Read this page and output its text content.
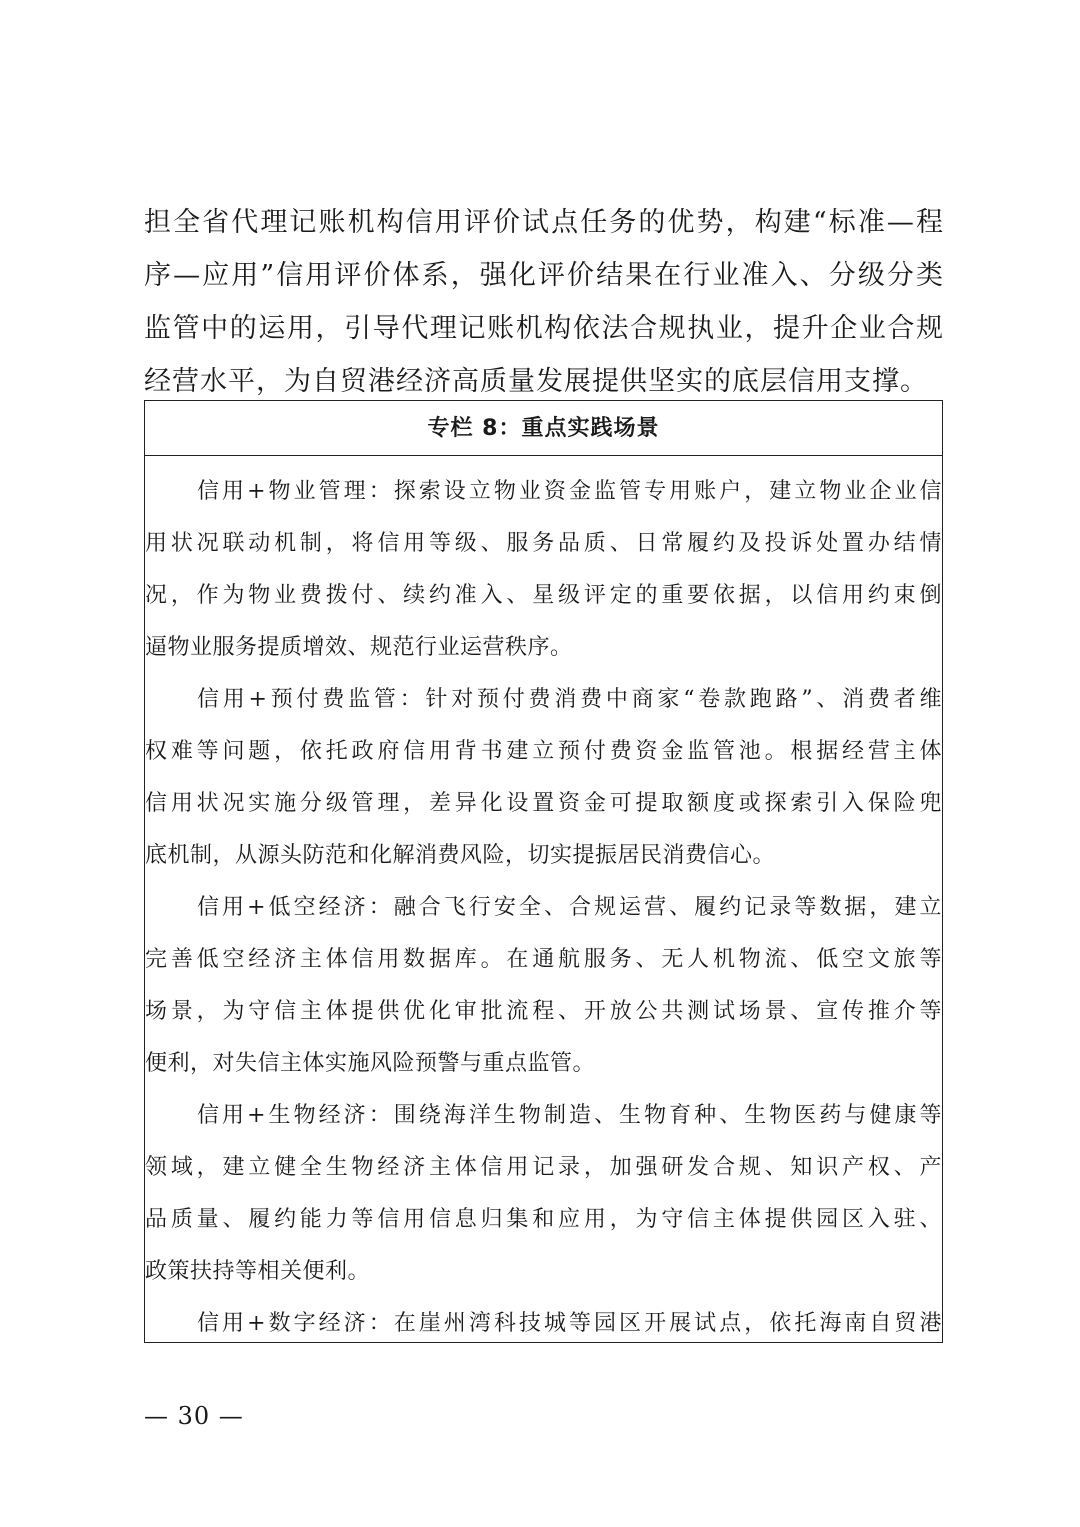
担全省代理记账机构信用评价试点任务的优势，构建“标准—程
序—应用”信用评价体系，强化评价结果在行业准入、分级分类
监管中的运用，引导代理记账机构依法合规执业，提升企业合规
经营水平，为自贸港经济高质量发展提供坚实的底层信用支撑。
专栏 8：重点实践场景
信用+物业管理：探索设立物业资金监管专用账户，建立物业企业信
用状况联动机制，将信用等级、服务品质、日常履约及投诉处置办结情
况，作为物业费拨付、续约准入、星级评定的重要依据，以信用约束倒
逼物业服务提质增效、规范行业运营秩序。
信用+预付费监管：针对预付费消费中商家“卷款跑路”、消费者维
权难等问题，依托政府信用背书建立预付费资金监管池。根据经营主体
信用状况实施分级管理，差异化设置资金可提取额度或探索引入保险兜
底机制，从源头防范和化解消费风险，切实提振居民消费信心。
信用+低空经济：融合飞行安全、合规运营、履约记录等数据，建立
完善低空经济主体信用数据库。在通航服务、无人机物流、低空文旅等
场景，为守信主体提供优化审批流程、开放公共测试场景、宣传推介等
便利，对失信主体实施风险预警与重点监管。
信用+生物经济：围绕海洋生物制造、生物育种、生物医药与健康等
领域，建立健全生物经济主体信用记录，加强研发合规、知识产权、产
品质量、履约能力等信用信息归集和应用，为守信主体提供园区入驻、
政策扶持等相关便利。
信用+数字经济：在崖州湾科技城等园区开展试点，依托海南自贸港
— 30 —
